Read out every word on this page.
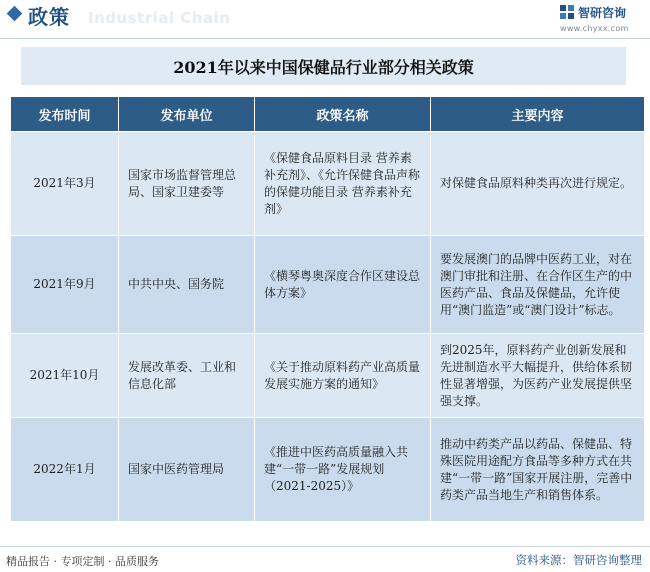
Industrial Chain
政策	智研咨询
www.chyxx.com
2021年以来中国保健品行业部分相关政策
发布时间	发布单位	政策名称	主要内容
2021年3月	国家市场监督管理总局、国家卫建委等	《保健食品原料目录 营养素补充剂》、《允许保健食品声称的保健功能目录 营养素补充剂》	对保健食品原料种类再次进行规定。
2021年9月	中共中央、国务院	《横琴粤奥深度合作区建设总体方案》	要发展澳门的品牌中医药工业，对在澳门审批和注册、在合作区生产的中医药产品、食品及保健品，允许使用“澳门监造”或“澳门设计”标志。
2021年10月	发展改革委、工业和信息化部	《关于推动原料药产业高质量发展实施方案的通知》	到2025年，原料药产业创新发展和先进制造水平大幅提升，供给体系韧性显著增强，为医药产业发展提供坚强支撑。
2022年1月	国家中医药管理局	《推进中医药高质量融入共建“一带一路”发展规划（2021-2025）》	推动中药类产品以药品、保健品、特殊医院用途配方食品等多种方式在共建“一带一路”国家开展注册，完善中药类产品当地生产和销售体系。
精品报告 · 专项定制 · 品质服务	资料来源：智研咨询整理
